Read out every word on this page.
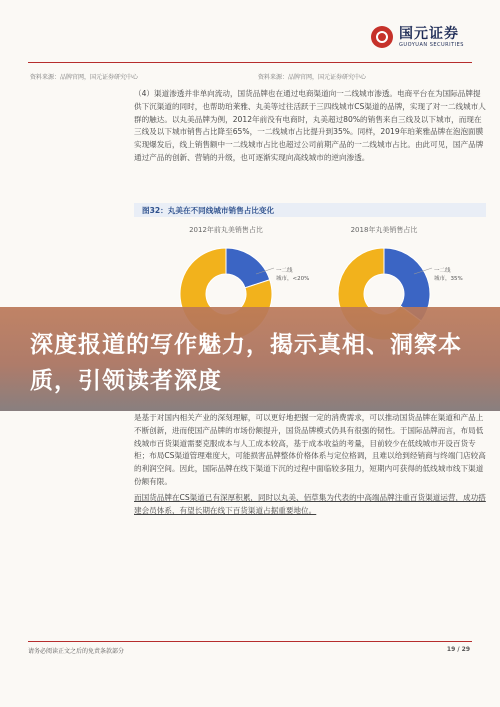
国元证券
GUOYUAN SECURITIES
资料来源：品牌官网，国元证券研究中心	资料来源：品牌官网，国元证券研究中心

（4）渠道渗透并非单向流动，国货品牌也在通过电商渠道向一二线城市渗透。电商平台在为国际品牌提供下沉渠道的同时，也帮助珀莱雅、丸美等过往活跃于三四线城市CS渠道的品牌，实现了对一二线城市人群的触达。以丸美品牌为例，2012年前没有电商时，丸美超过80%的销售来自三线及以下城市，而现在三线及以下城市销售占比降至65%，一二线城市占比提升到35%。同样，2019年珀莱雅品牌在泡泡面膜实现爆发后，线上销售额中一二线城市占比也超过公司前期产品的一二线城市占比。由此可见，国产品牌通过产品的创新、营销的升级，也可逐渐实现向高线城市的逆向渗透。

图32：丸美在不同线城市销售占比变化
2012年前丸美销售占比
一二线
城市，<20%
2018年丸美销售占比
一二线
城市，35%
深度报道的写作魅力，揭示真相、洞察本质，引领读者深度

是基于对国内相关产业的深刻理解，可以更好地把握一定的消费需求，可以推动国货品牌在渠道和产品上不断创新，进而使国产品牌的市场份额提升，国货品牌模式仍具有很强的韧性。于国际品牌而言，布局低线城市百货渠道需要克服成本与人工成本较高，基于成本收益的考量，目前较少在低线城市开设百货专柜；布局CS渠道管理难度大，可能损害品牌整体价格体系与定位格调，且难以给到经销商与终端门店较高的利润空间。因此，国际品牌在线下渠道下沉的过程中面临较多阻力，短期内可获得的低线城市线下渠道份额有限。

而国货品牌在CS渠道已有深厚积累，同时以丸美、佰草集为代表的中高端品牌注重百货渠道运营，成功搭建会员体系，有望长期在线下百货渠道占据重要地位。

请务必阅读正文之后的免责条款部分	19 / 29
